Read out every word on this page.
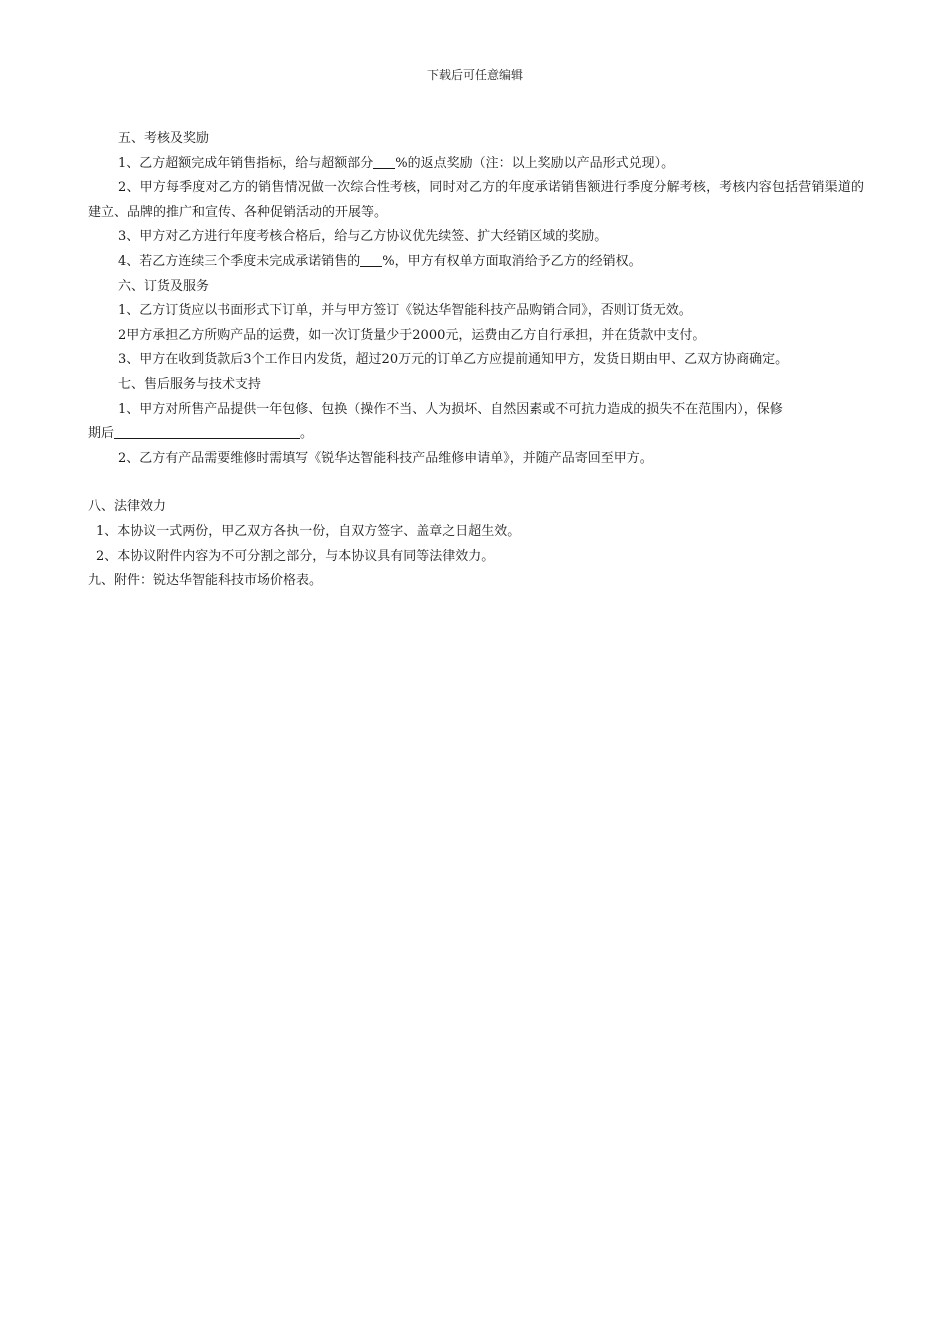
下载后可任意编辑

五、考核及奖励

1、乙方超额完成年销售指标，给与超额部分 %的返点奖励（注：以上奖励以产品形式兑现）。

2、甲方每季度对乙方的销售情况做一次综合性考核，同时对乙方的年度承诺销售额进行季度分解考核，考核内容包括营销渠道的建立、品牌的推广和宣传、各种促销活动的开展等。

3、甲方对乙方进行年度考核合格后，给与乙方协议优先续签、扩大经销区域的奖励。

4、若乙方连续三个季度未完成承诺销售的 %，甲方有权单方面取消给予乙方的经销权。

六、订货及服务

1、乙方订货应以书面形式下订单，并与甲方签订《锐达华智能科技产品购销合同》，否则订货无效。

2甲方承担乙方所购产品的运费，如一次订货量少于2000元，运费由乙方自行承担，并在货款中支付。

3、甲方在收到货款后3个工作日内发货，超过20万元的订单乙方应提前通知甲方，发货日期由甲、乙双方协商确定。

七、售后服务与技术支持

1、甲方对所售产品提供一年包修、包换（操作不当、人为损坏、自然因素或不可抗力造成的损失不在范围内），保修

期后	。

2、乙方有产品需要维修时需填写《锐华达智能科技产品维修申请单》，并随产品寄回至甲方。

八、法律效力

1、本协议一式两份，甲乙双方各执一份，自双方签字、盖章之日超生效。

2、本协议附件内容为不可分割之部分，与本协议具有同等法律效力。

九、附件：锐达华智能科技市场价格表。
